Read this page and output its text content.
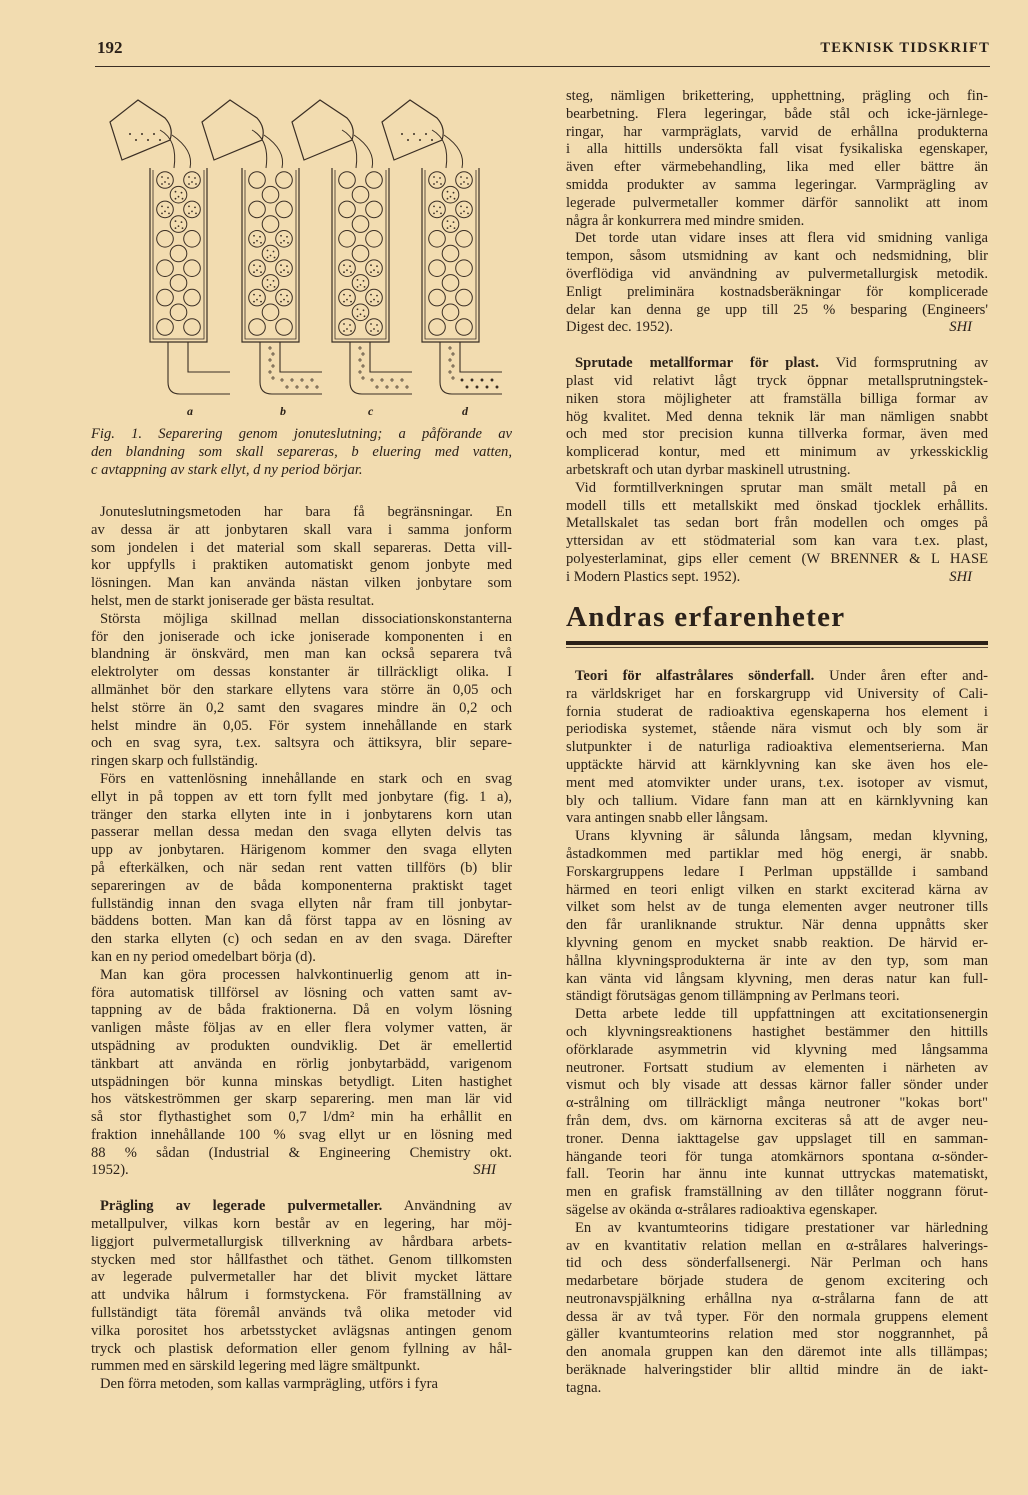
192	TEKNISK TIDSKRIFT
a	b	c	d
Fig. 1. Separering genom jonuteslutning; a påförande av
den blandning som skall separeras, b eluering med vatten,
c avtappning av stark ellyt, d ny period börjar.
Jonuteslutningsmetoden har bara få begränsningar. En
av dessa är att jonbytaren skall vara i samma jonform
som jondelen i det material som skall separeras. Detta vill-
kor uppfylls i praktiken automatiskt genom jonbyte med
lösningen. Man kan använda nästan vilken jonbytare som
helst, men de starkt joniserade ger bästa resultat.
Största möjliga skillnad mellan dissociationskonstanterna
för den joniserade och icke joniserade komponenten i en
blandning är önskvärd, men man kan också separera två
elektrolyter om dessas konstanter är tillräckligt olika. I
allmänhet bör den starkare ellytens vara större än 0,05 och
helst större än 0,2 samt den svagares mindre än 0,2 och
helst mindre än 0,05. För system innehållande en stark
och en svag syra, t.ex. saltsyra och ättiksyra, blir separe-
ringen skarp och fullständig.
Förs en vattenlösning innehållande en stark och en svag
ellyt in på toppen av ett torn fyllt med jonbytare (fig. 1 a),
tränger den starka ellyten inte in i jonbytarens korn utan
passerar mellan dessa medan den svaga ellyten delvis tas
upp av jonbytaren. Härigenom kommer den svaga ellyten
på efterkälken, och när sedan rent vatten tillförs (b) blir
separeringen av de båda komponenterna praktiskt taget
fullständig innan den svaga ellyten når fram till jonbytar-
bäddens botten. Man kan då först tappa av en lösning av
den starka ellyten (c) och sedan en av den svaga. Därefter
kan en ny period omedelbart börja (d).
Man kan göra processen halvkontinuerlig genom att in-
föra automatisk tillförsel av lösning och vatten samt av-
tappning av de båda fraktionerna. Då en volym lösning
vanligen måste följas av en eller flera volymer vatten, är
utspädning av produkten oundviklig. Det är emellertid
tänkbart att använda en rörlig jonbytarbädd, varigenom
utspädningen bör kunna minskas betydligt. Liten hastighet
hos vätskeströmmen ger skarp separering. men man lär vid
så stor flythastighet som 0,7 l/dm² min ha erhållit en
fraktion innehållande 100 % svag ellyt ur en lösning med
88 % sådan (Industrial & Engineering Chemistry okt.
1952).	SHI
Prägling av legerade pulvermetaller. Användning av
metallpulver, vilkas korn består av en legering, har möj-
liggjort pulvermetallurgisk tillverkning av hårdbara arbets-
stycken med stor hållfasthet och täthet. Genom tillkomsten
av legerade pulvermetaller har det blivit mycket lättare
att undvika hålrum i formstyckena. För framställning av
fullständigt täta föremål används två olika metoder vid
vilka porositet hos arbetsstycket avlägsnas antingen genom
tryck och plastisk deformation eller genom fyllning av hål-
rummen med en särskild legering med lägre smältpunkt.
Den förra metoden, som kallas varmprägling, utförs i fyra
steg, nämligen brikettering, upphettning, prägling och fin-
bearbetning. Flera legeringar, både stål och icke-järnlege-
ringar, har varmpräglats, varvid de erhållna produkterna
i alla hittills undersökta fall visat fysikaliska egenskaper,
även efter värmebehandling, lika med eller bättre än
smidda produkter av samma legeringar. Varmprägling av
legerade pulvermetaller kommer därför sannolikt att inom
några år konkurrera med mindre smiden.
Det torde utan vidare inses att flera vid smidning vanliga
tempon, såsom utsmidning av kant och nedsmidning, blir
överflödiga vid användning av pulvermetallurgisk metodik.
Enligt preliminära kostnadsberäkningar för komplicerade
delar kan denna ge upp till 25 % besparing (Engineers'
Digest dec. 1952).	SHI
Sprutade metallformar för plast. Vid formsprutning av
plast vid relativt lågt tryck öppnar metallsprutningstek-
niken stora möjligheter att framställa billiga formar av
hög kvalitet. Med denna teknik lär man nämligen snabbt
och med stor precision kunna tillverka formar, även med
komplicerad kontur, med ett minimum av yrkesskicklig
arbetskraft och utan dyrbar maskinell utrustning.
Vid formtillverkningen sprutar man smält metall på en
modell tills ett metallskikt med önskad tjocklek erhållits.
Metallskalet tas sedan bort från modellen och omges på
yttersidan av ett stödmaterial som kan vara t.ex. plast,
polyesterlaminat, gips eller cement (W BRENNER & L HASE
i Modern Plastics sept. 1952).	SHI
Andras erfarenheter
Teori för alfastrålares sönderfall. Under åren efter and-
ra världskriget har en forskargrupp vid University of Cali-
fornia studerat de radioaktiva egenskaperna hos element i
periodiska systemet, stående nära vismut och bly som är
slutpunkter i de naturliga radioaktiva elementserierna. Man
upptäckte härvid att kärnklyvning kan ske även hos ele-
ment med atomvikter under urans, t.ex. isotoper av vismut,
bly och tallium. Vidare fann man att en kärnklyvning kan
vara antingen snabb eller långsam.
Urans klyvning är sålunda långsam, medan klyvning,
åstadkommen med partiklar med hög energi, är snabb.
Forskargruppens ledare I Perlman uppställde i samband
härmed en teori enligt vilken en starkt exciterad kärna av
vilket som helst av de tunga elementen avger neutroner tills
den får uranliknande struktur. När denna uppnåtts sker
klyvning genom en mycket snabb reaktion. De härvid er-
hållna klyvningsprodukterna är inte av den typ, som man
kan vänta vid långsam klyvning, men deras natur kan full-
ständigt förutsägas genom tillämpning av Perlmans teori.
Detta arbete ledde till uppfattningen att excitationsenergin
och klyvningsreaktionens hastighet bestämmer den hittills
oförklarade asymmetrin vid klyvning med långsamma
neutroner. Fortsatt studium av elementen i närheten av
vismut och bly visade att dessas kärnor faller sönder under
α-strålning om tillräckligt många neutroner "kokas bort"
från dem, dvs. om kärnorna exciteras så att de avger neu-
troner. Denna iakttagelse gav uppslaget till en samman-
hängande teori för tunga atomkärnors spontana α-sönder-
fall. Teorin har ännu inte kunnat uttryckas matematiskt,
men en grafisk framställning av den tillåter noggrann förut-
sägelse av okända α-strålares radioaktiva egenskaper.
En av kvantumteorins tidigare prestationer var härledning
av en kvantitativ relation mellan en α-strålares halverings-
tid och dess sönderfallsenergi. När Perlman och hans
medarbetare började studera de genom excitering och
neutronavspjälkning erhållna nya α-strålarna fann de att
dessa är av två typer. För den normala gruppens element
gäller kvantumteorins relation med stor noggrannhet, på
den anomala gruppen kan den däremot inte alls tillämpas;
beräknade halveringstider blir alltid mindre än de iakt-
tagna.
